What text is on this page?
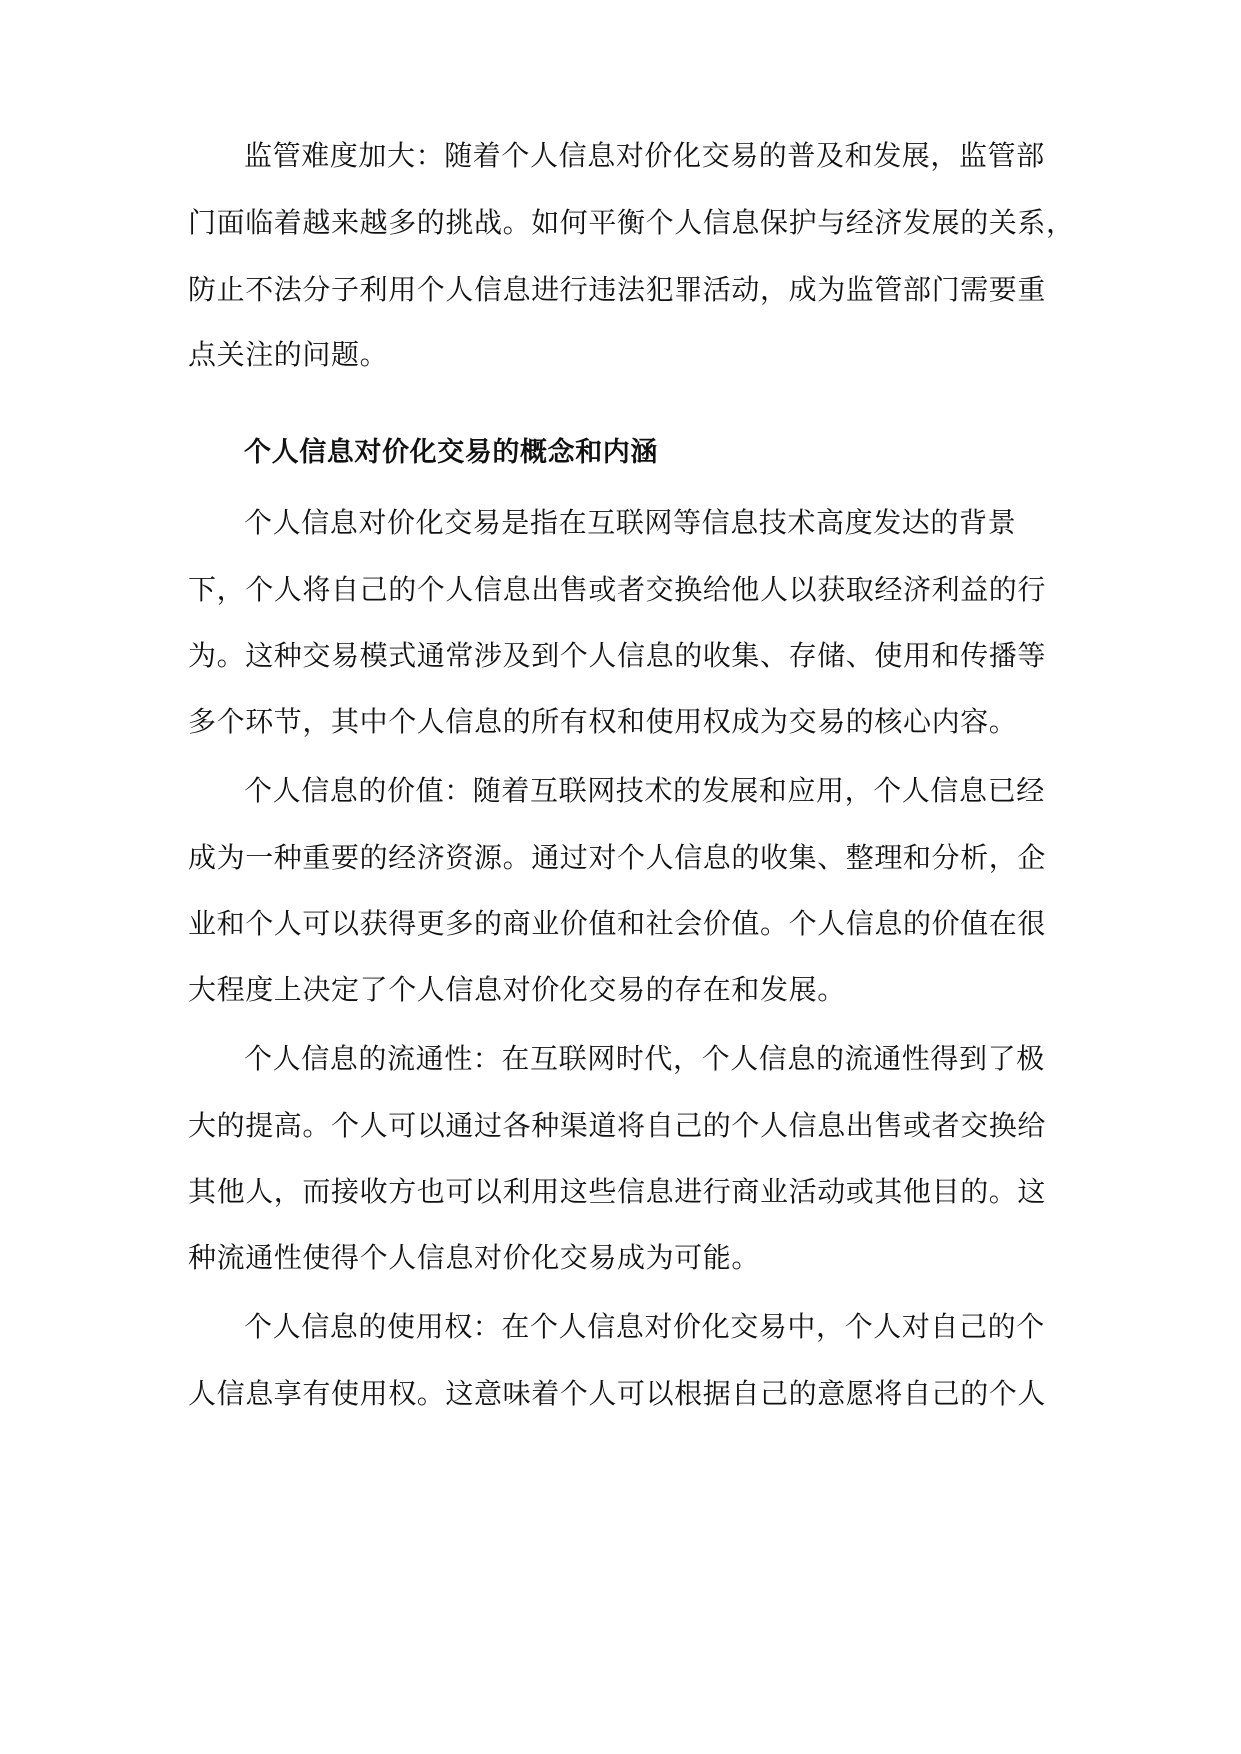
监管难度加大：随着个人信息对价化交易的普及和发展，监管部
门面临着越来越多的挑战。如何平衡个人信息保护与经济发展的关系，
防止不法分子利用个人信息进行违法犯罪活动，成为监管部门需要重
点关注的问题。
个人信息对价化交易的概念和内涵
个人信息对价化交易是指在互联网等信息技术高度发达的背景
下，个人将自己的个人信息出售或者交换给他人以获取经济利益的行
为。这种交易模式通常涉及到个人信息的收集、存储、使用和传播等
多个环节，其中个人信息的所有权和使用权成为交易的核心内容。
个人信息的价值：随着互联网技术的发展和应用，个人信息已经
成为一种重要的经济资源。通过对个人信息的收集、整理和分析，企
业和个人可以获得更多的商业价值和社会价值。个人信息的价值在很
大程度上决定了个人信息对价化交易的存在和发展。
个人信息的流通性：在互联网时代，个人信息的流通性得到了极
大的提高。个人可以通过各种渠道将自己的个人信息出售或者交换给
其他人，而接收方也可以利用这些信息进行商业活动或其他目的。这
种流通性使得个人信息对价化交易成为可能。
个人信息的使用权：在个人信息对价化交易中，个人对自己的个
人信息享有使用权。这意味着个人可以根据自己的意愿将自己的个人
